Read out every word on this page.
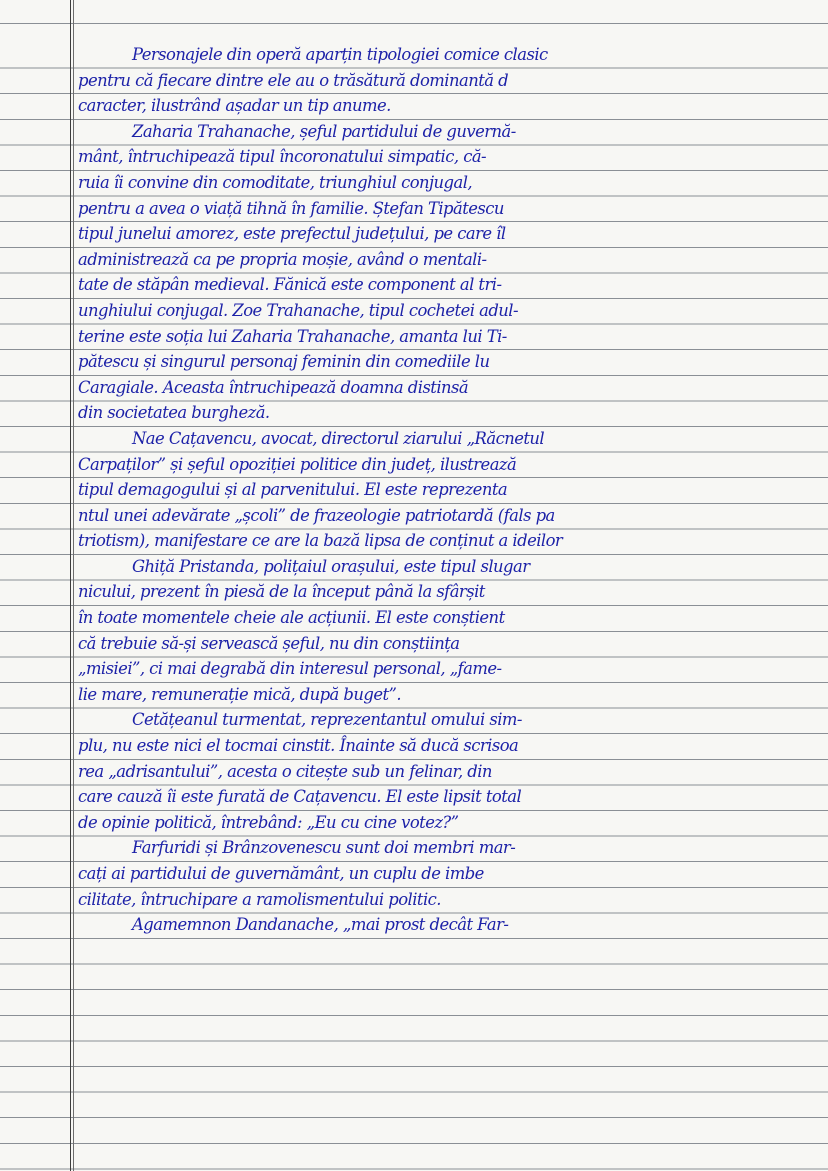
Personajele din operă aparțin tipologiei comice clasic
pentru că fiecare dintre ele au o trăsătură dominantă d
caracter, ilustrând așadar un tip anume.
Zaharia Trahanache, șeful partidului de guvernă-
mânt, întruchipează tipul încoronatului simpatic, că-
ruia îi convine din comoditate, triunghiul conjugal,
pentru a avea o viață tihnă în familie. Ștefan Tipătescu
tipul junelui amorez, este prefectul județului, pe care îl
administrează ca pe propria moșie, având o mentali-
tate de stăpân medieval. Fănică este component al tri-
unghiului conjugal. Zoe Trahanache, tipul cochetei adul-
terine este soția lui Zaharia Trahanache, amanta lui Ti-
pătescu și singurul personaj feminin din comediile lu
Caragiale. Aceasta întruchipează doamna distinsă
din societatea burgheză.
Nae Cațavencu, avocat, directorul ziarului „Răcnetul
Carpaților” și șeful opoziției politice din județ, ilustrează
tipul demagogului și al parvenitului. El este reprezenta
ntul unei adevărate „școli” de frazeologie patriotardă (fals pa
triotism), manifestare ce are la bază lipsa de conținut a ideilor
Ghiță Pristanda, polițaiul orașului, este tipul slugar
nicului, prezent în piesă de la început până la sfârșit
în toate momentele cheie ale acțiunii. El este conștient
că trebuie să-și servească șeful, nu din conștiința
„misiei”, ci mai degrabă din interesul personal, „fame-
lie mare, remunerație mică, după buget”.
Cetățeanul turmentat, reprezentantul omului sim-
plu, nu este nici el tocmai cinstit. Înainte să ducă scrisoa
rea „adrisantului”, acesta o citește sub un felinar, din
care cauză îi este furată de Cațavencu. El este lipsit total
de opinie politică, întrebând: „Eu cu cine votez?”
Farfuridi și Brânzovenescu sunt doi membri mar-
cați ai partidului de guvernământ, un cuplu de imbe
cilitate, întruchipare a ramolismentului politic.
Agamemnon Dandanache, „mai prost decât Far-
